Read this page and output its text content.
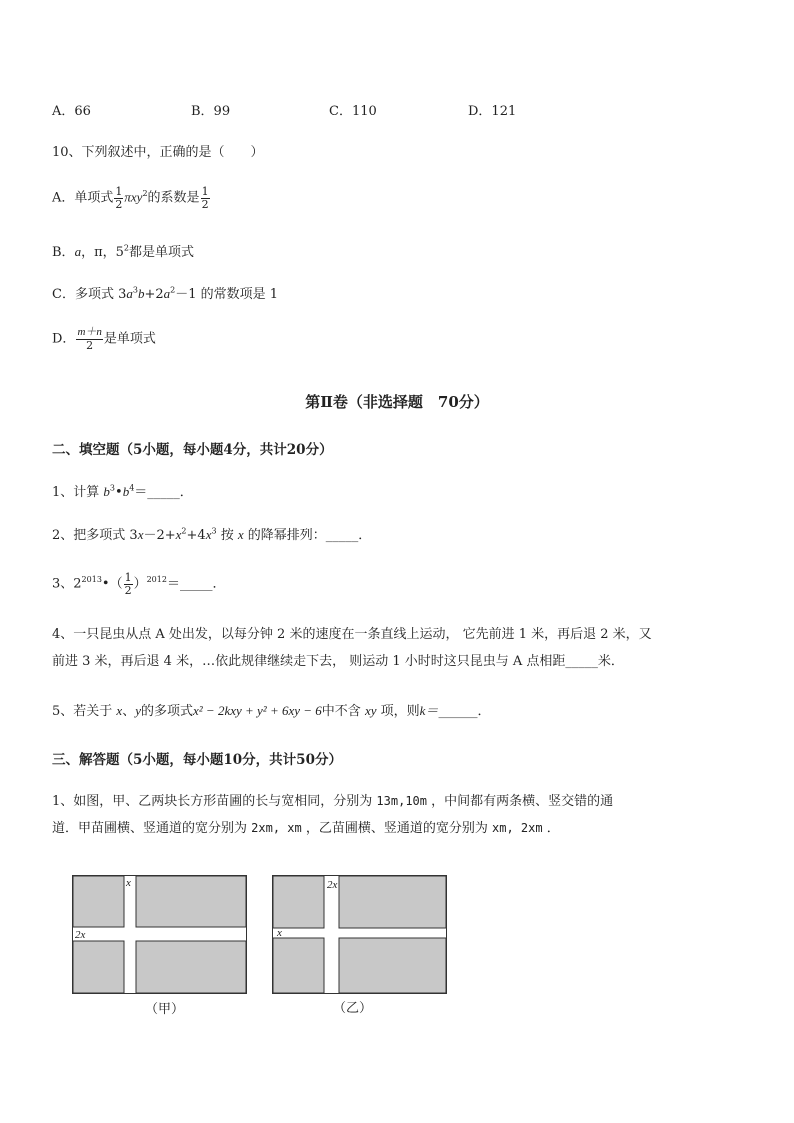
A．66	B．99	C．110	D．121
10、下列叙述中，正确的是（　　）
A．单项式 $\frac{1}{2} \pi xy^2$的系数是 $\frac{1}{2}$
B．a，π，$5^2$都是单项式
C．多项式 $3a^3b+2a^2-1$ 的常数项是 1
D． $\frac{m+n}{2}$ 是单项式
第Ⅱ卷（非选择题　70分）
二、填空题（5小题，每小题4分，共计20分）
1、计算 $b^3•b^4=\_\_\_\_\_$．
2、把多项式 $3x-2+x^2+4x^3$ 按 x 的降幂排列：_____．
3、$2^{2013}•( \frac{1}{2}$ ）$^{2012}$＝_____．
4、一只昆虫从点 A 处出发，以每分钟 2 米的速度在一条直线上运动， 它先前进 1 米，再后退 2 米，又
前进 3 米，再后退 4 米，…依此规律继续走下去， 则运动 1 小时时这只昆虫与 A 点相距_____米．
5、若关于 x、y的多项式x² − 2kxy + y² + 6xy − 6中不含 xy 项，则k＝______．
三、解答题（5小题，每小题10分，共计50分）
1、如图，甲、乙两块长方形苗圃的长与宽相同，分别为 13m,10m ，中间都有两条横、竖交错的通
道．甲苗圃横、竖通道的宽分别为 2xm, xm ，乙苗圃横、竖通道的宽分别为 xm, 2xm ．
x
2x
（甲）
2x
x
（乙）
